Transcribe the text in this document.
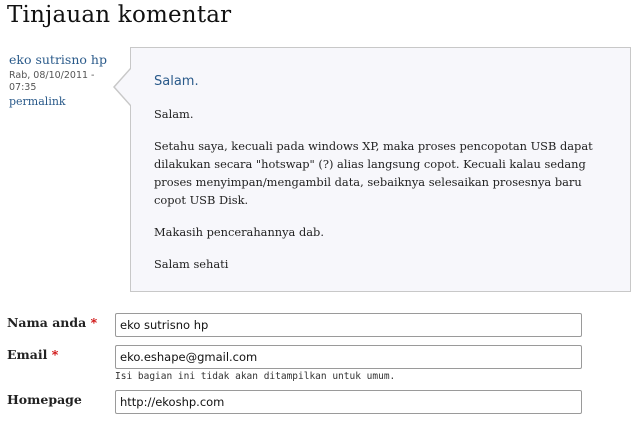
Tinjauan komentar
eko sutrisno hp
Rab, 08/10/2011 - 07:35
permalink
Salam.

Salam.

Setahu saya, kecuali pada windows XP, maka proses pencopotan USB dapat dilakukan secara "hotswap" (?) alias langsung copot. Kecuali kalau sedang proses menyimpan/mengambil data, sebaiknya selesaikan prosesnya baru copot USB Disk.

Makasih pencerahannya dab.

Salam sehati

Nama anda *
eko sutrisno hp
Email *
eko.eshape@gmail.com
Isi bagian ini tidak akan ditampilkan untuk umum.
Homepage
http://ekoshp.com
